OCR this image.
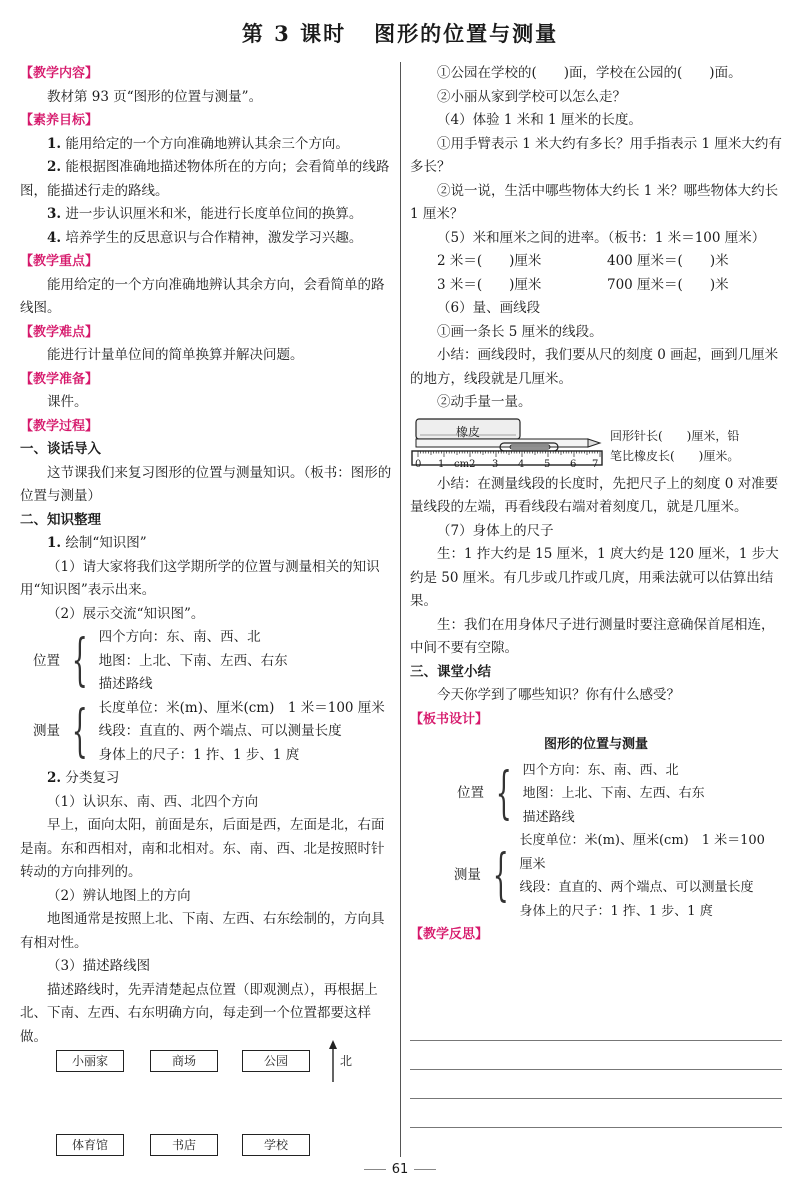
第 3 课时 图形的位置与测量

【教学内容】

教材第 93 页“图形的位置与测量”。

【素养目标】

1. 能用给定的一个方向准确地辨认其余三个方向。

2. 能根据图准确地描述物体所在的方向；会看简单的线路图，能描述行走的路线。

3. 进一步认识厘米和米，能进行长度单位间的换算。

4. 培养学生的反思意识与合作精神，激发学习兴趣。

【教学重点】

能用给定的一个方向准确地辨认其余方向，会看简单的路线图。

【教学难点】

能进行计量单位间的简单换算并解决问题。

【教学准备】

课件。

【教学过程】

一、谈话导入

这节课我们来复习图形的位置与测量知识。（板书：图形的位置与测量）

二、知识整理

1. 绘制“知识图”

（1）请大家将我们这学期所学的位置与测量相关的知识用“知识图”表示出来。

（2）展示交流“知识图”。

位置 { 四个方向：东、南、西、北

地图：上北、下南、左西、右东

描述路线

测量 { 长度单位：米(m)、厘米(cm)　1 米＝100 厘米

线段：直直的、两个端点、可以测量长度

身体上的尺子：1 拃、1 步、1 庹

2. 分类复习

（1）认识东、南、西、北四个方向

早上，面向太阳，前面是东，后面是西，左面是北，右面是南。东和西相对，南和北相对。东、南、西、北是按照时针转动的方向排列的。

（2）辨认地图上的方向

地图通常是按照上北、下南、左西、右东绘制的，方向具有相对性。

（3）描述路线图

描述路线时，先弄清楚起点位置（即观测点），再根据上北、下南、左西、右东明确方向，每走到一个位置都要这样做。

小丽家	商场	公园
体育馆	书店	学校
北

①公园在学校的(　　)面，学校在公园的(　　)面。

②小丽从家到学校可以怎么走？

（4）体验 1 米和 1 厘米的长度。

①用手臂表示 1 米大约有多长？用手指表示 1 厘米大约有多长？

②说一说，生活中哪些物体大约长 1 米？哪些物体大约长 1 厘米？

（5）米和厘米之间的进率。（板书：1 米＝100 厘米）

2 米＝(　　)厘米	400 厘米＝(　　)米

3 米＝(　　)厘米	700 厘米＝(　　)米

（6）量、画线段

①画一条长 5 厘米的线段。

小结：画线段时，我们要从尺的刻度 0 画起，画到几厘米的地方，线段就是几厘米。

②动手量一量。

橡皮
0 1 cm2 3 4 5 6 7
回形针长(　　)厘米，铅
笔比橡皮长(　　)厘米。

小结：在测量线段的长度时，先把尺子上的刻度 0 对准要量线段的左端，再看线段右端对着刻度几，就是几厘米。

（7）身体上的尺子

生：1 拃大约是 15 厘米，1 庹大约是 120 厘米，1 步大约是 50 厘米。有几步或几拃或几庹，用乘法就可以估算出结果。

生：我们在用身体尺子进行测量时要注意确保首尾相连，中间不要有空隙。

三、课堂小结

今天你学到了哪些知识？你有什么感受？

【板书设计】

图形的位置与测量

位置 { 四个方向：东、南、西、北

地图：上北、下南、左西、右东

描述路线

测量 {

长度单位：米(m)、厘米(cm)　1 米＝100 厘米

线段：直直的、两个端点、可以测量长度

身体上的尺子：1 拃、1 步、1 庹

【教学反思】

61
